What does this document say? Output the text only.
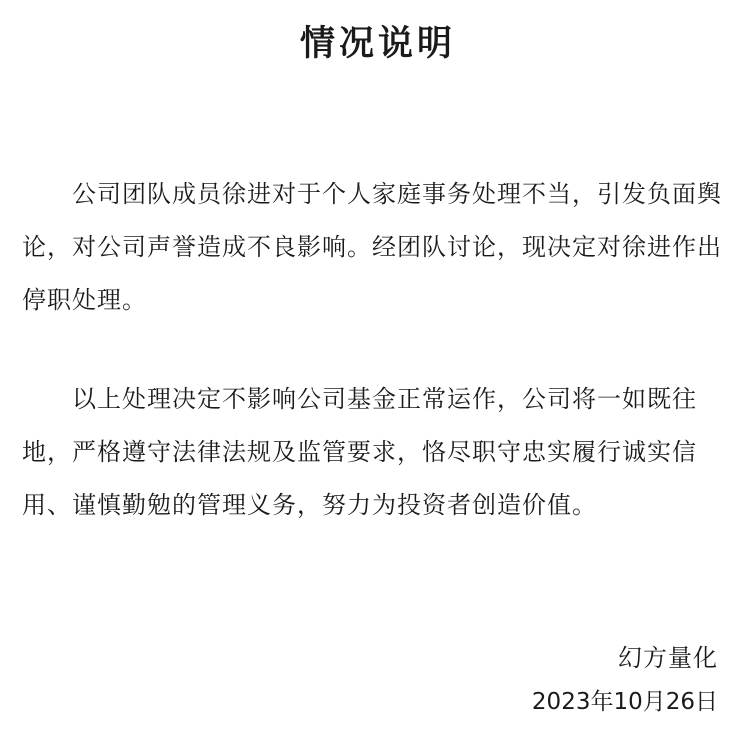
情况说明

公司团队成员徐进对于个人家庭事务处理不当，引发负面舆论，对公司声誉造成不良影响。经团队讨论，现决定对徐进作出停职处理。

以上处理决定不影响公司基金正常运作，公司将一如既往地，严格遵守法律法规及监管要求，恪尽职守忠实履行诚实信用、谨慎勤勉的管理义务，努力为投资者创造价值。

幻方量化
2023年10月26日
